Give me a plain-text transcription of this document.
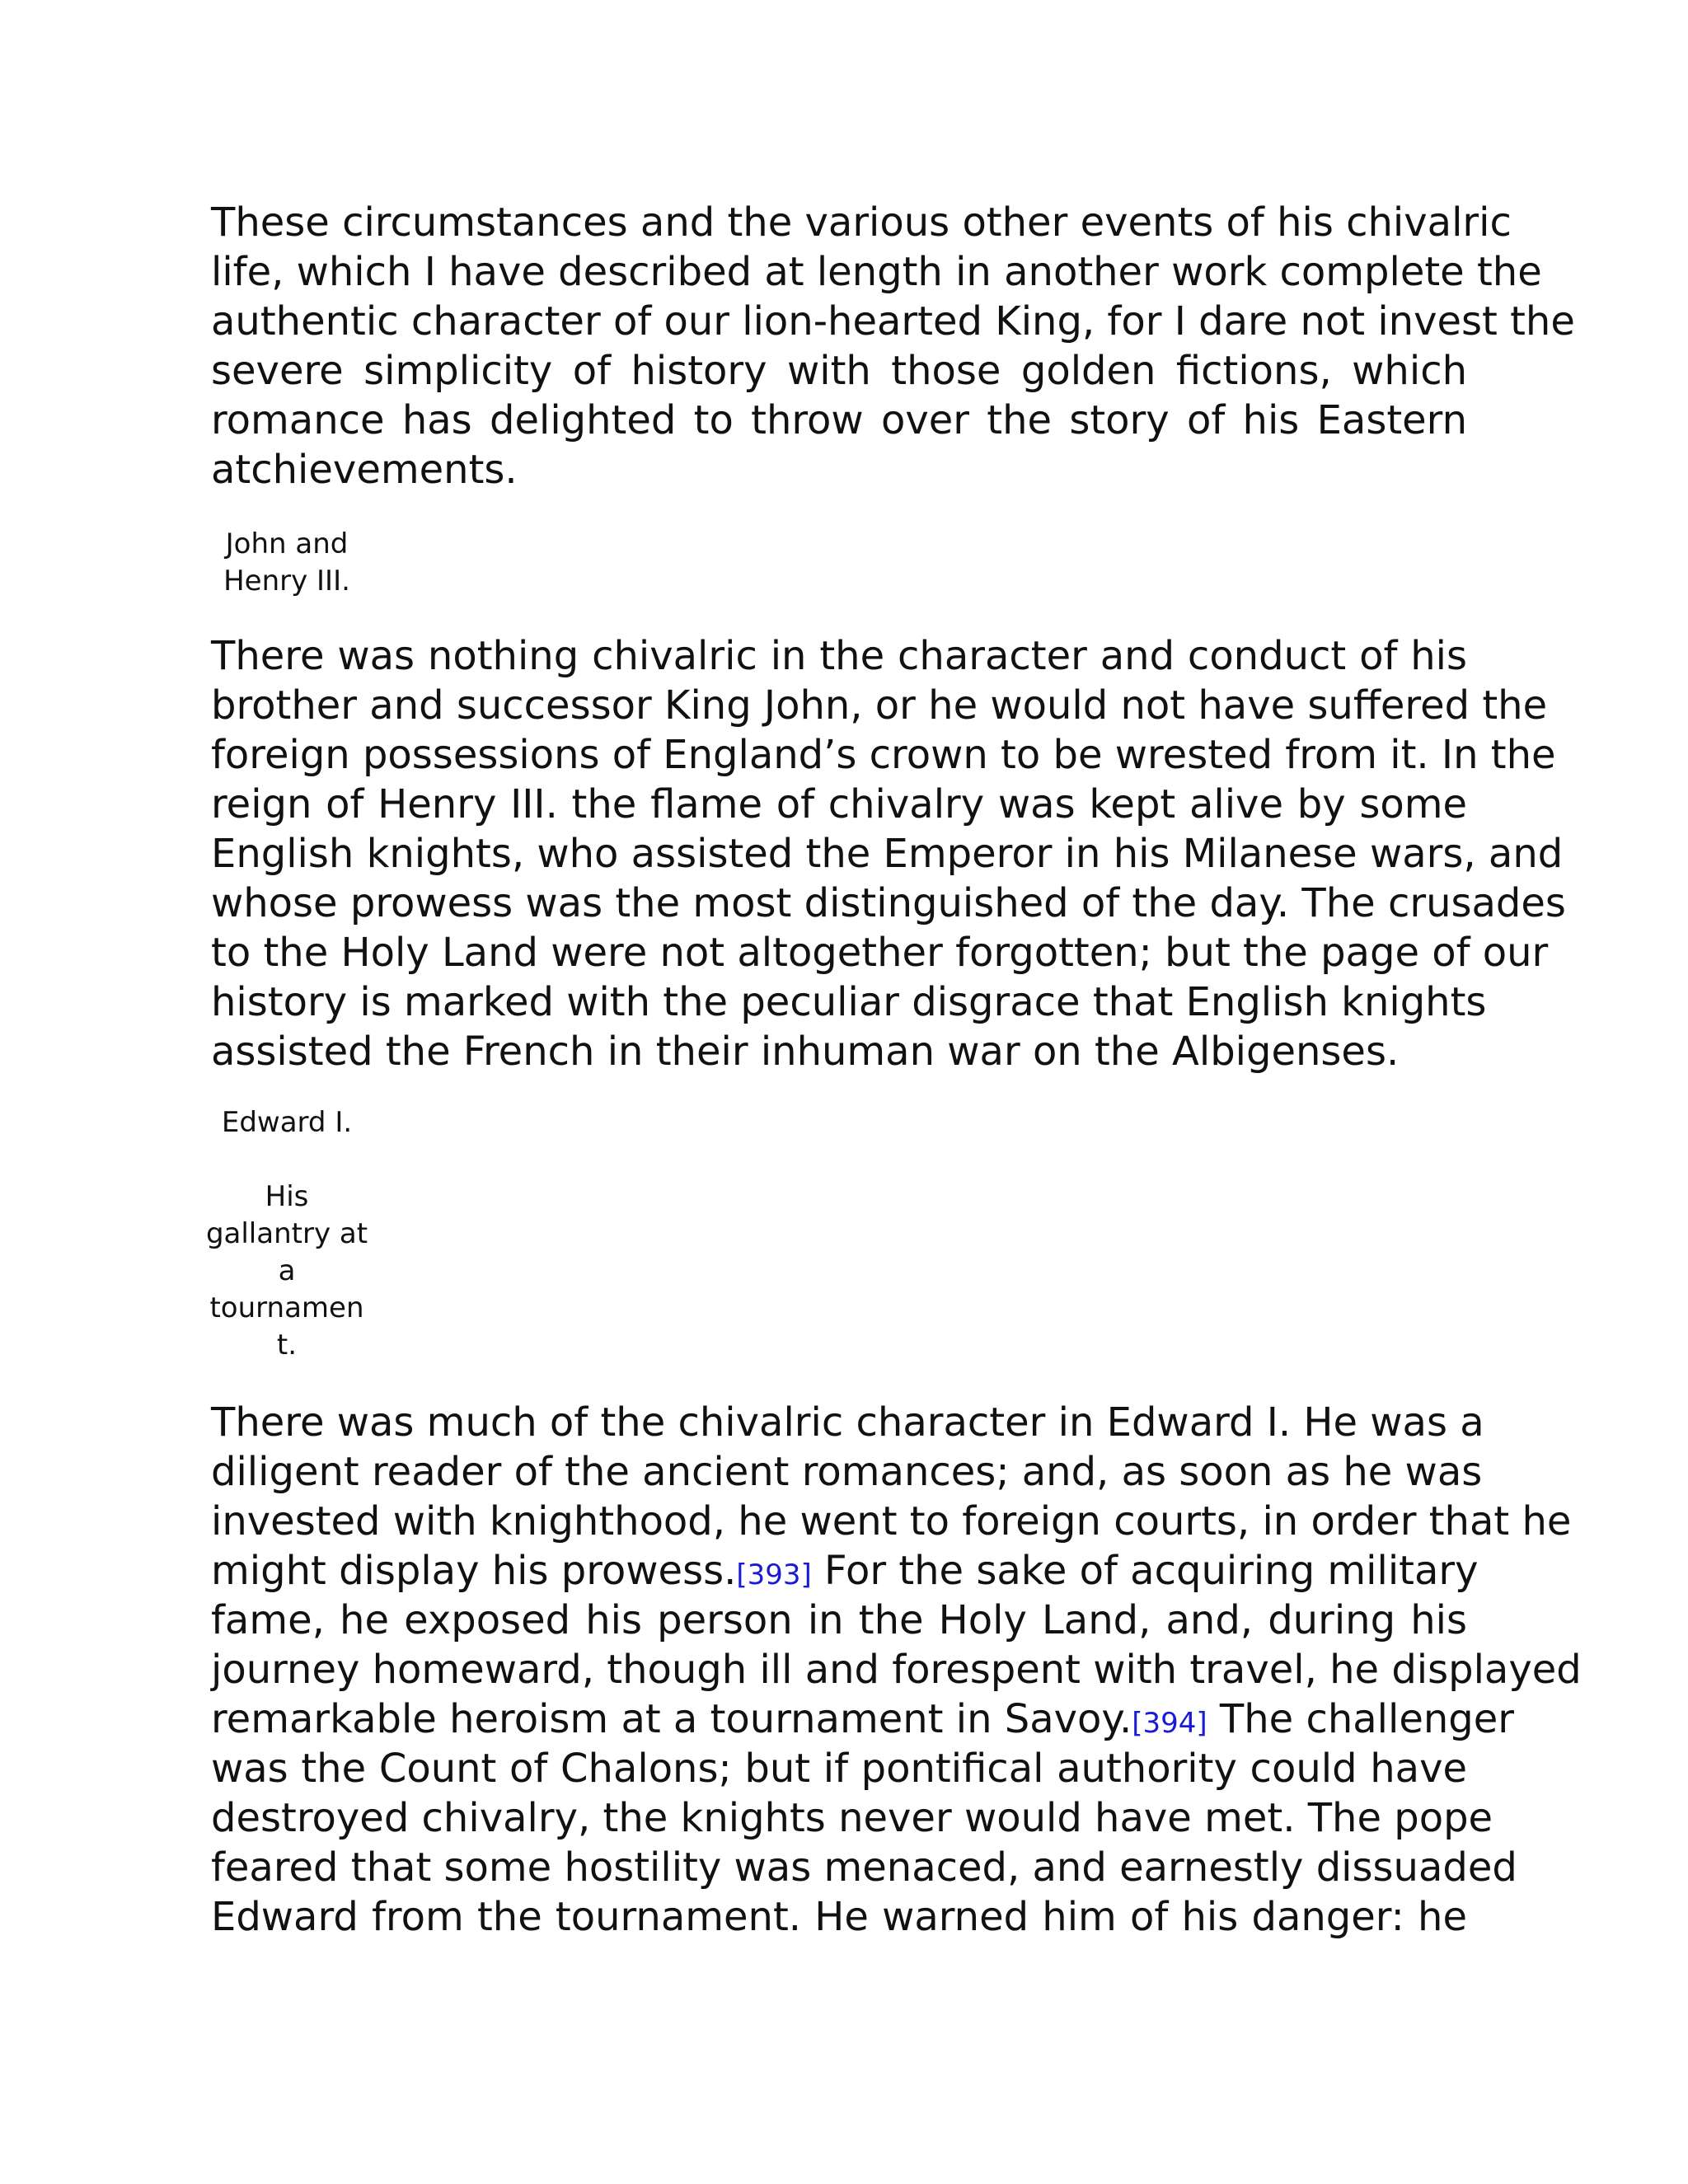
These circumstances and the various other events of his chivalric
life, which I have described at length in another work complete the
authentic character of our lion-hearted King, for I dare not invest the
severe simplicity of history with those golden fictions, which
romance has delighted to throw over the story of his Eastern
atchievements.
John and
Henry III.
There was nothing chivalric in the character and conduct of his
brother and successor King John, or he would not have suffered the
foreign possessions of England’s crown to be wrested from it. In the
reign of Henry III. the flame of chivalry was kept alive by some
English knights, who assisted the Emperor in his Milanese wars, and
whose prowess was the most distinguished of the day. The crusades
to the Holy Land were not altogether forgotten; but the page of our
history is marked with the peculiar disgrace that English knights
assisted the French in their inhuman war on the Albigenses.
Edward I.
His
gallantry at
a
tournamen
t.
There was much of the chivalric character in Edward I. He was a
diligent reader of the ancient romances; and, as soon as he was
invested with knighthood, he went to foreign courts, in order that he
might display his prowess.[393] For the sake of acquiring military
fame, he exposed his person in the Holy Land, and, during his
journey homeward, though ill and forespent with travel, he displayed
remarkable heroism at a tournament in Savoy.[394] The challenger
was the Count of Chalons; but if pontifical authority could have
destroyed chivalry, the knights never would have met. The pope
feared that some hostility was menaced, and earnestly dissuaded
Edward from the tournament. He warned him of his danger: he
